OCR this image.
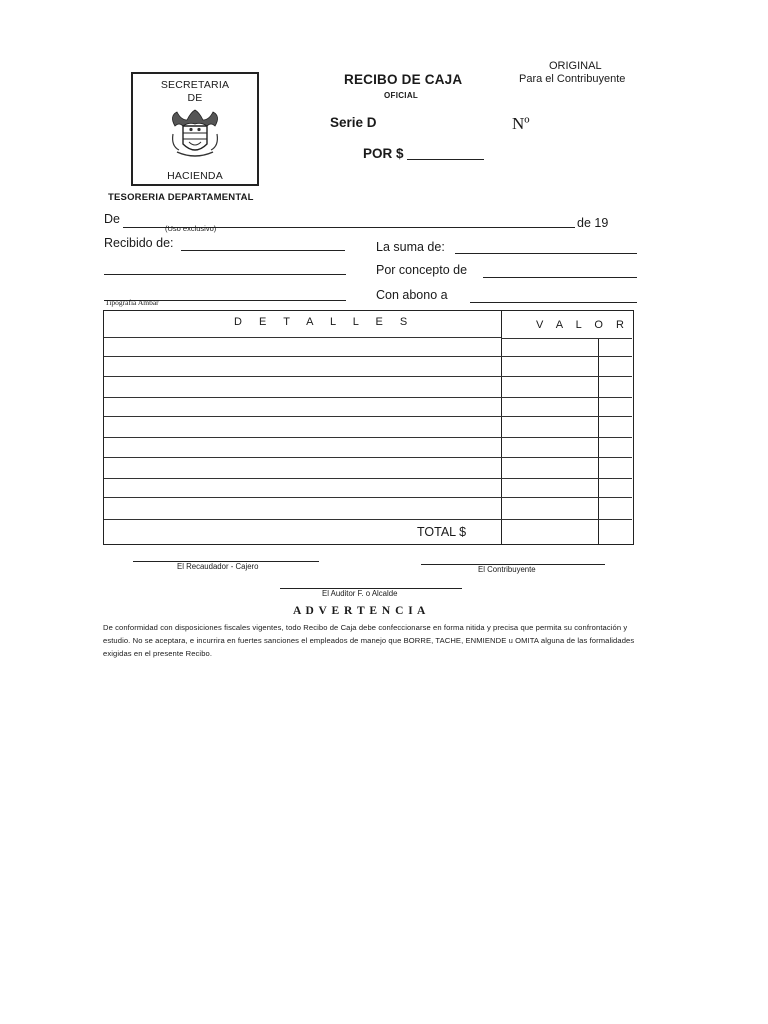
SECRETARIA
DE
HACIENDA
RECIBO DE CAJA
OFICIAL
ORIGINAL
Para el Contribuyente
Serie D	Nº
POR $
TESORERIA DEPARTAMENTAL
De
(Uso exclusivo)	de 19
Recibido de:	La suma de:
Por concepto de
Con abono a
Tipografia Ambar
D E T A L L E S	V A L O R
TOTAL $
El Recaudador - Cajero	El Contribuyente
El Auditor F. o Alcalde
A D V E R T E N C I A
De conformidad con disposiciones fiscales vigentes, todo Recibo de Caja debe confeccionarse en forma nitida y precisa que permita su confrontación y estudio. No se aceptara, e incurrira en fuertes sanciones el empleados de manejo que BORRE, TACHE, ENMIENDE u OMITA alguna de las formalidades exigidas en el presente Recibo.
